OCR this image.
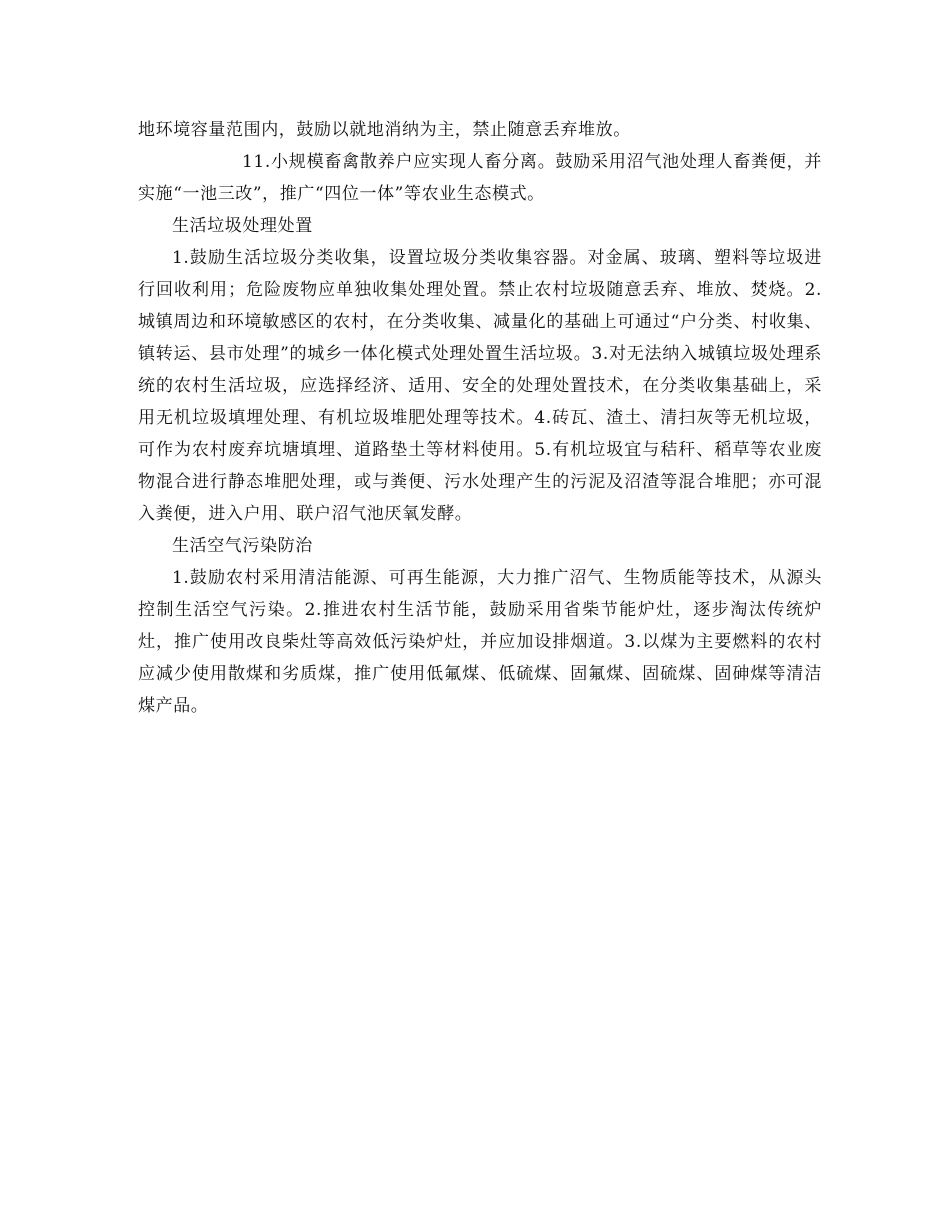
地环境容量范围内，鼓励以就地消纳为主，禁止随意丢弃堆放。

11.小规模畜禽散养户应实现人畜分离。鼓励采用沼气池处理人畜粪便，并实施“一池三改”，推广“四位一体”等农业生态模式。

生活垃圾处理处置

1.鼓励生活垃圾分类收集，设置垃圾分类收集容器。对金属、玻璃、塑料等垃圾进行回收利用；危险废物应单独收集处理处置。禁止农村垃圾随意丢弃、堆放、焚烧。2.城镇周边和环境敏感区的农村，在分类收集、减量化的基础上可通过“户分类、村收集、镇转运、县市处理”的城乡一体化模式处理处置生活垃圾。3.对无法纳入城镇垃圾处理系统的农村生活垃圾，应选择经济、适用、安全的处理处置技术，在分类收集基础上，采用无机垃圾填埋处理、有机垃圾堆肥处理等技术。4.砖瓦、渣土、清扫灰等无机垃圾，可作为农村废弃坑塘填埋、道路垫土等材料使用。5.有机垃圾宜与秸秆、稻草等农业废物混合进行静态堆肥处理，或与粪便、污水处理产生的污泥及沼渣等混合堆肥；亦可混入粪便，进入户用、联户沼气池厌氧发酵。

生活空气污染防治

1.鼓励农村采用清洁能源、可再生能源，大力推广沼气、生物质能等技术，从源头控制生活空气污染。2.推进农村生活节能，鼓励采用省柴节能炉灶，逐步淘汰传统炉灶，推广使用改良柴灶等高效低污染炉灶，并应加设排烟道。3.以煤为主要燃料的农村应减少使用散煤和劣质煤，推广使用低氟煤、低硫煤、固氟煤、固硫煤、固砷煤等清洁煤产品。
